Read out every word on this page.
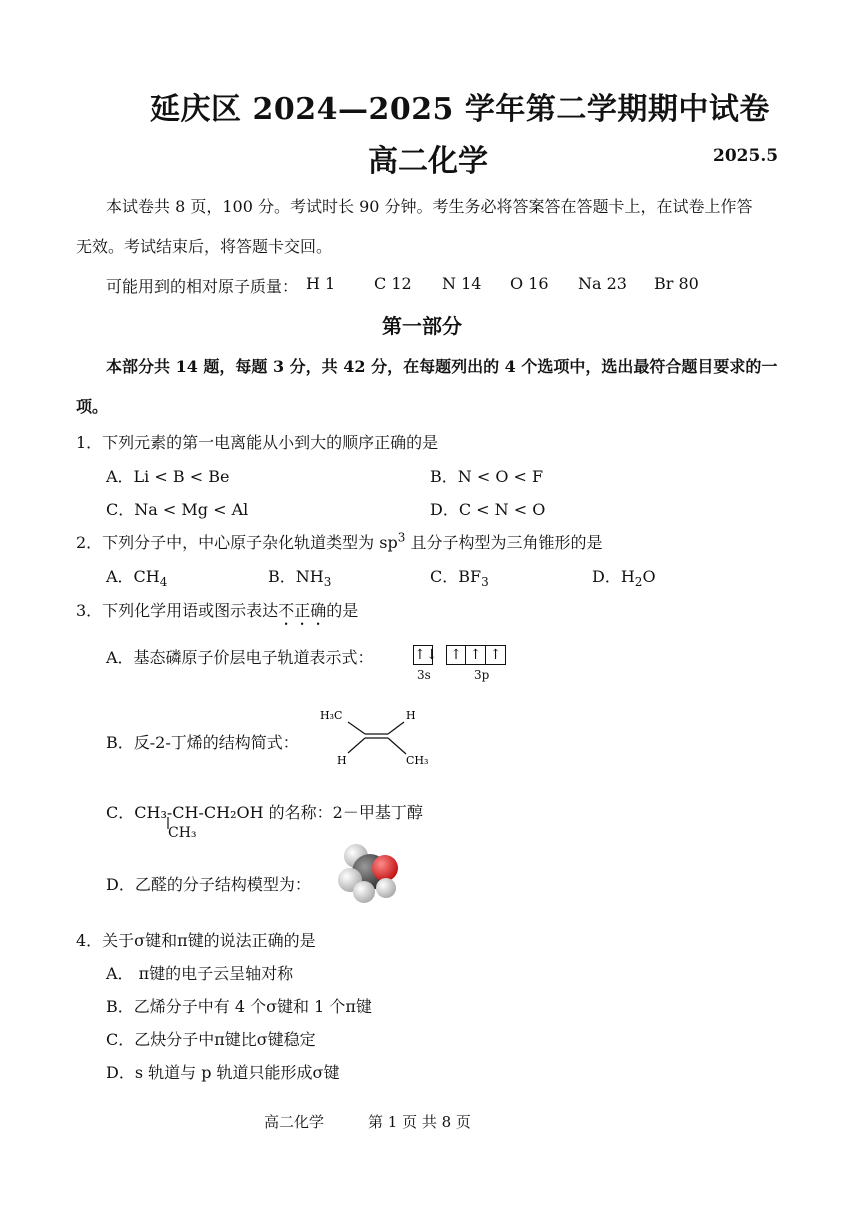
延庆区 2024—2025 学年第二学期期中试卷
高二化学	2025.5
本试卷共 8 页，100 分。考试时长 90 分钟。考生务必将答案答在答题卡上，在试卷上作答
无效。考试结束后，将答题卡交回。
可能用到的相对原子质量： H 1 C 12 N 14 O 16 Na 23 Br 80
第一部分
本部分共 14 题，每题 3 分，共 42 分，在每题列出的 4 个选项中，选出最符合题目要求的一
项。
1．下列元素的第一电离能从小到大的顺序正确的是
A．Li < B < Be	B．N < O < F
C．Na < Mg < Al	D．C < N < O
2．下列分子中，中心原子杂化轨道类型为 $sp^3$ 且分子构型为三角锥形的是
A．$CH_4$	B．$NH_3$	C．$BF_3$	D．$H_2O$
3．下列化学用语或图示表达不正确的是
A．基态磷原子价层电子轨道表示式：	↑↓ ↑ ↑ ↑
3s	3p
B．反-2-丁烯的结构简式：
H₃C	H
H	CH₃
C．CH₃-CH-CH₂OH 的名称：2－甲基丁醇
CH₃
D．乙醛的分子结构模型为：
4．关于σ键和π键的说法正确的是
A． π键的电子云呈轴对称
B．乙烯分子中有 4 个σ键和 1 个π键
C．乙炔分子中π键比σ键稳定
D．s 轨道与 p 轨道只能形成σ键
高二化学	第 1 页 共 8 页
